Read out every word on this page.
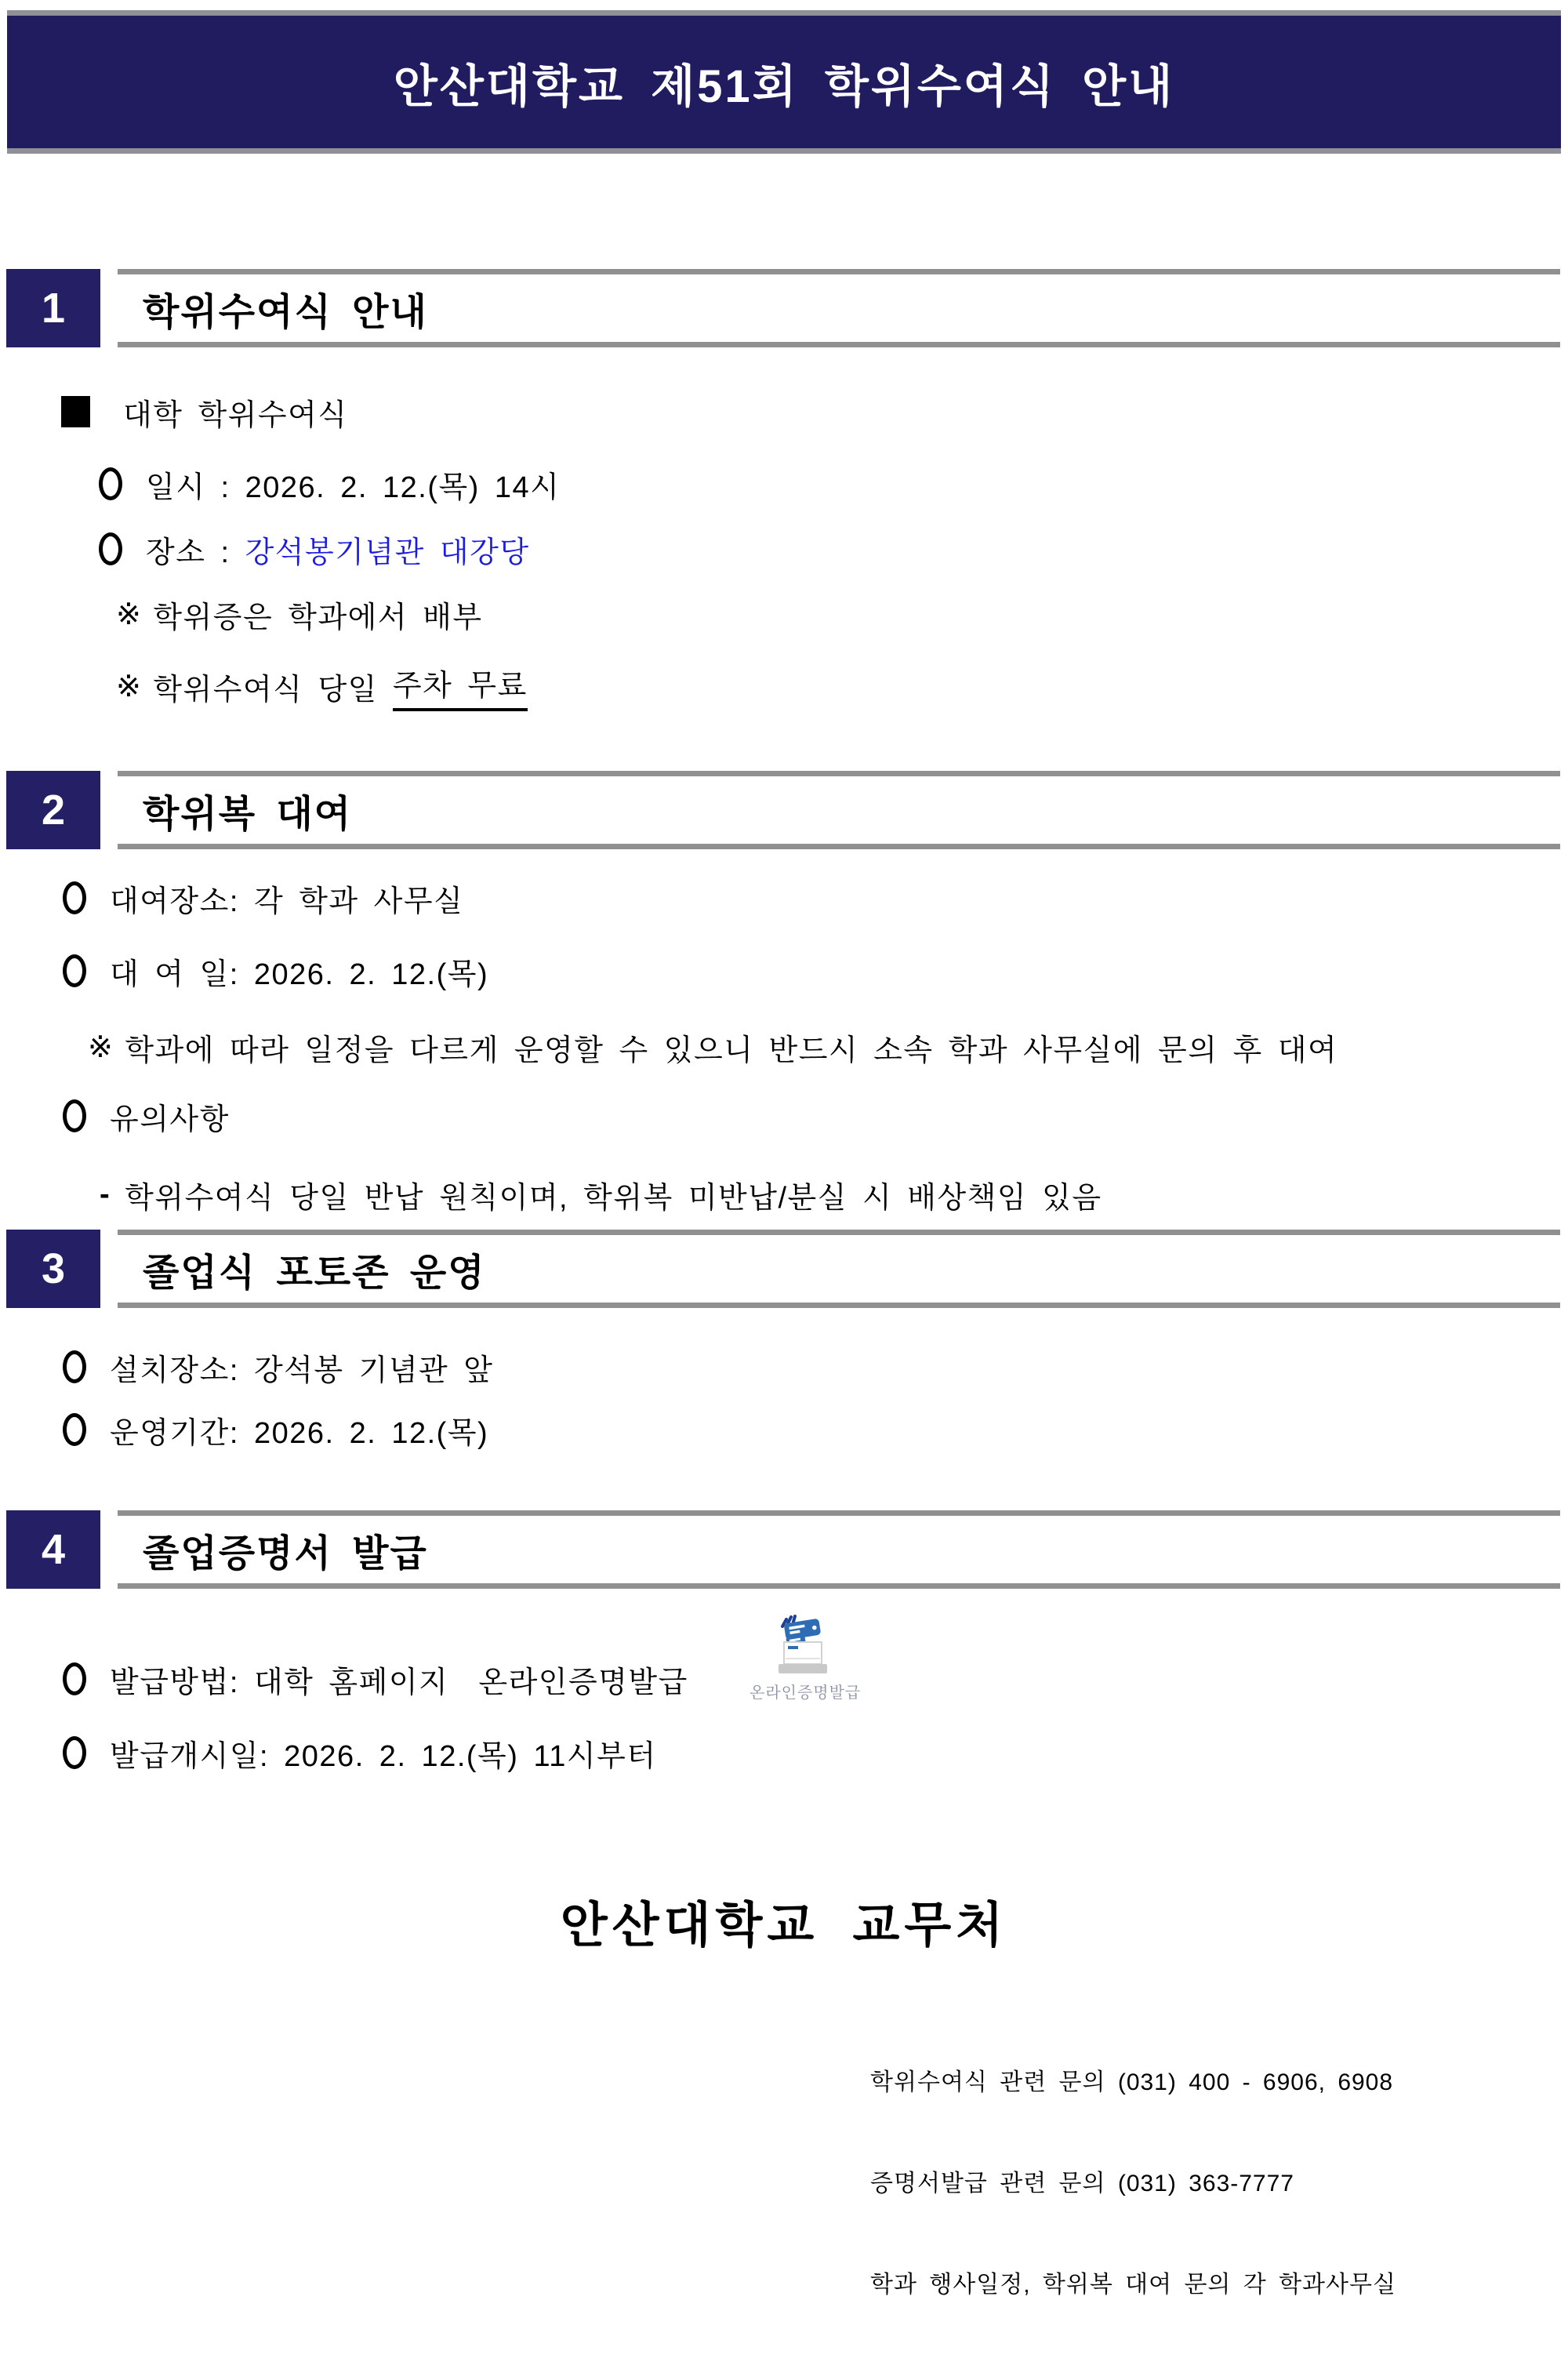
안산대학교 제51회 학위수여식 안내
1	학위수여식 안내
대학 학위수여식
일시 : 2026. 2. 12.(목) 14시
장소 : 강석봉기념관 대강당
※ 학위증은 학과에서 배부
※ 학위수여식 당일 주차 무료
2	학위복 대여
대여장소: 각 학과 사무실
대 여 일: 2026. 2. 12.(목)
※ 학과에 따라 일정을 다르게 운영할 수 있으니 반드시 소속 학과 사무실에 문의 후 대여
유의사항
- 학위수여식 당일 반납 원칙이며, 학위복 미반납/분실 시 배상책임 있음
3	졸업식 포토존 운영
설치장소: 강석봉 기념관 앞
운영기간: 2026. 2. 12.(목)
4	졸업증명서 발급
발급방법: 대학 홈페이지  온라인증명발급	온라인증명발급
발급개시일: 2026. 2. 12.(목) 11시부터
안산대학교 교무처

학위수여식 관련 문의 (031) 400 - 6906, 6908

증명서발급 관련 문의 (031) 363-7777

학과 행사일정, 학위복 대여 문의 각 학과사무실
